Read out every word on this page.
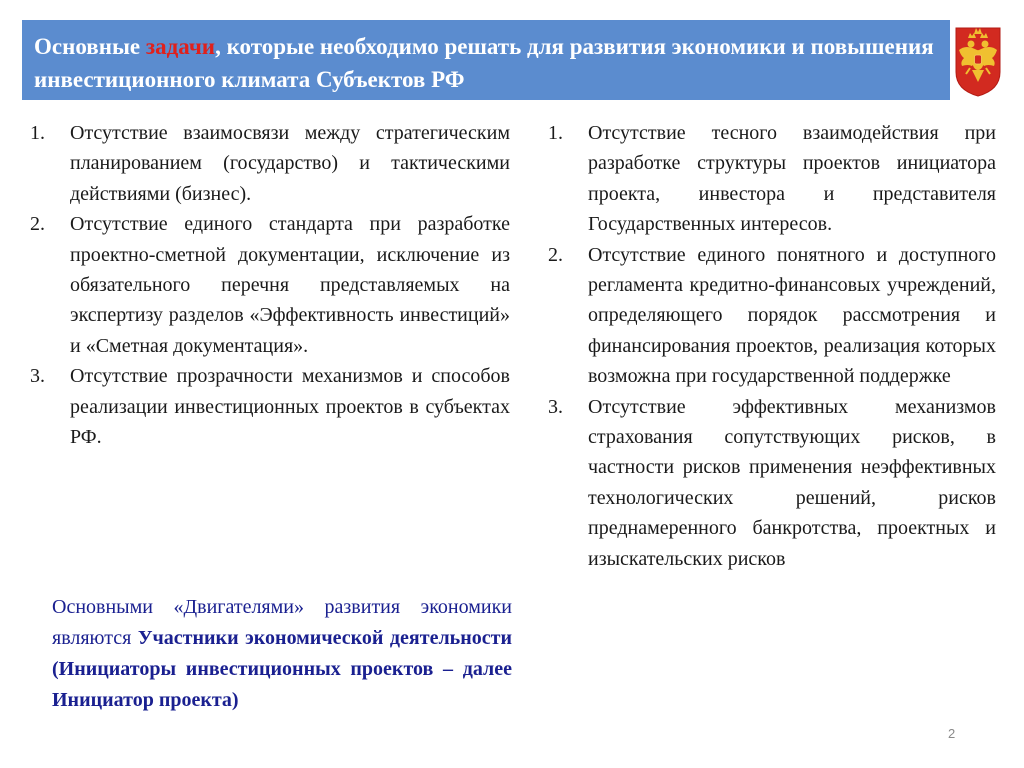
Основные задачи, которые необходимо решать для развития экономики и повышения инвестиционного климата Субъектов РФ
1. Отсутствие взаимосвязи между стратегическим планированием (государство) и тактическими действиями (бизнес).
2. Отсутствие единого стандарта при разработке проектно-сметной документации, исключение из обязательного перечня представляемых на экспертизу разделов «Эффективность инвестиций» и «Сметная документация».
3. Отсутствие прозрачности механизмов и способов реализации инвестиционных проектов в субъектах РФ.
1. Отсутствие тесного взаимодействия при разработке структуры проектов инициатора проекта, инвестора и представителя Государственных интересов.
2. Отсутствие единого понятного и доступного регламента кредитно-финансовых учреждений, определяющего порядок рассмотрения и финансирования проектов, реализация которых возможна при государственной поддержке
3. Отсутствие эффективных механизмов страхования сопутствующих рисков, в частности рисков применения неэффективных технологических решений, рисков преднамеренного банкротства, проектных и изыскательских рисков

Основными «Двигателями» развития экономики являются Участники экономической деятельности (Инициаторы инвестиционных проектов – далее Инициатор проекта)

2
